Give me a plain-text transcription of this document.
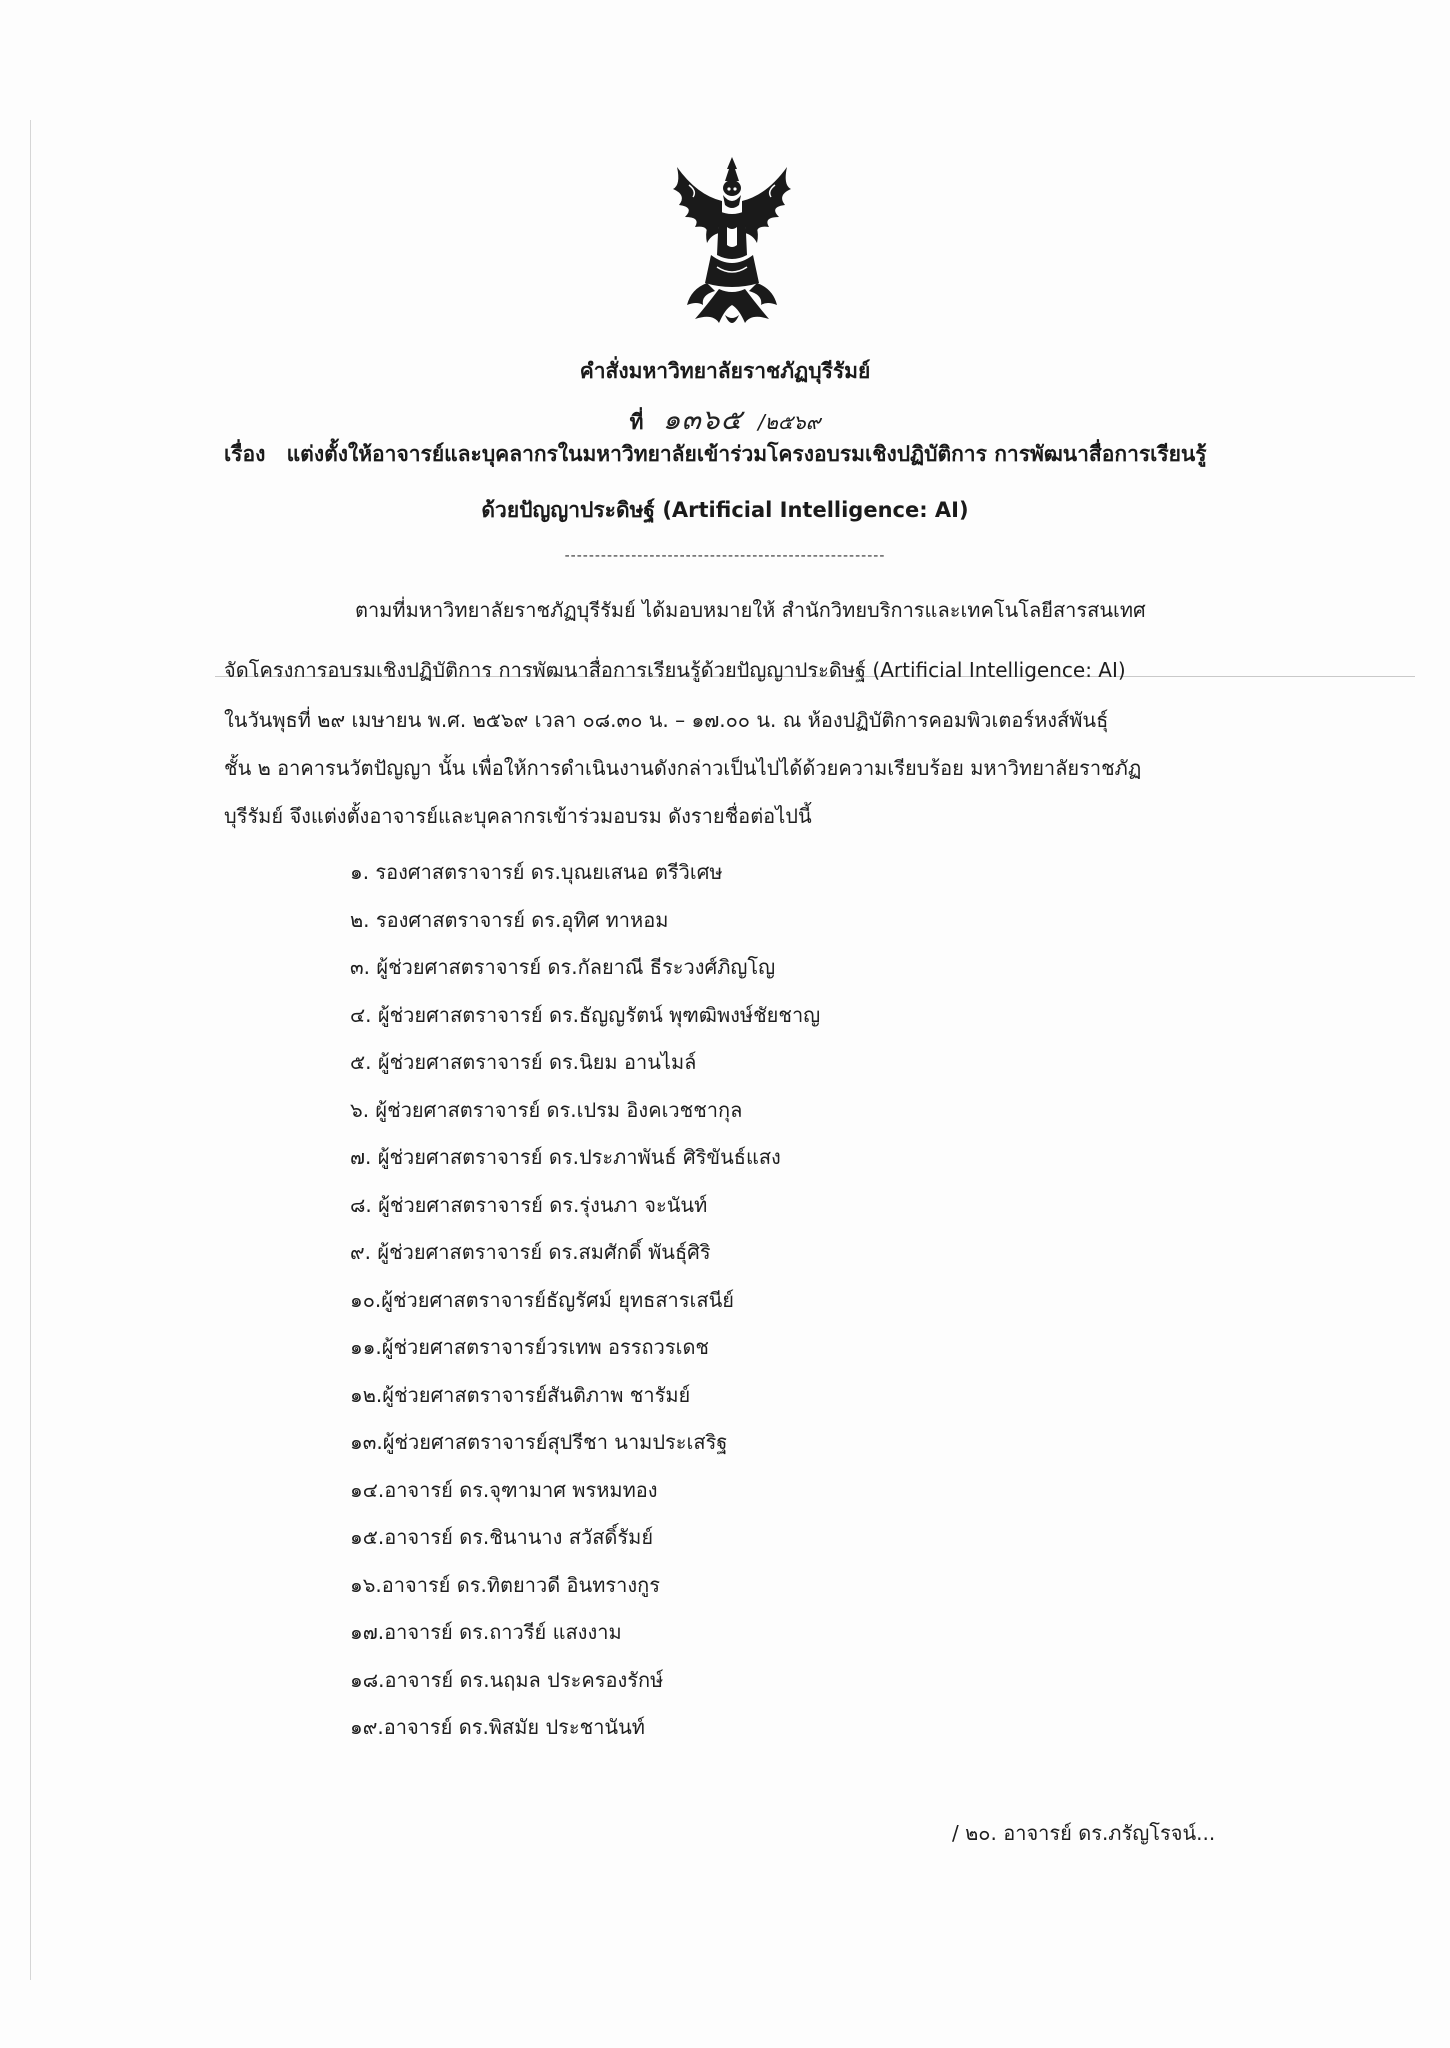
คำสั่งมหาวิทยาลัยราชภัฏบุรีรัมย์
ที่ ๑๓๖๕ /๒๕๖๙
เรื่อง แต่งตั้งให้อาจารย์และบุคลากรในมหาวิทยาลัยเข้าร่วมโครงอบรมเชิงปฏิบัติการ การพัฒนาสื่อการเรียนรู้
ด้วยปัญญาประดิษฐ์ (Artificial Intelligence: AI)
-----------------------------------------------------
ตามที่มหาวิทยาลัยราชภัฏบุรีรัมย์ ได้มอบหมายให้ สำนักวิทยบริการและเทคโนโลยีสารสนเทศ
จัดโครงการอบรมเชิงปฏิบัติการ การพัฒนาสื่อการเรียนรู้ด้วยปัญญาประดิษฐ์ (Artificial Intelligence: AI)
ในวันพุธที่ ๒๙ เมษายน พ.ศ. ๒๕๖๙ เวลา ๐๘.๓๐ น. – ๑๗.๐๐ น. ณ ห้องปฏิบัติการคอมพิวเตอร์หงส์พันธุ์
ชั้น ๒ อาคารนวัตปัญญา นั้น เพื่อให้การดำเนินงานดังกล่าวเป็นไปได้ด้วยความเรียบร้อย มหาวิทยาลัยราชภัฏ
บุรีรัมย์ จึงแต่งตั้งอาจารย์และบุคลากรเข้าร่วมอบรม ดังรายชื่อต่อไปนี้
๑. รองศาสตราจารย์ ดร.บุณยเสนอ ตรีวิเศษ
๒. รองศาสตราจารย์ ดร.อุทิศ ทาหอม
๓. ผู้ช่วยศาสตราจารย์ ดร.กัลยาณี ธีระวงศ์ภิญโญ
๔. ผู้ช่วยศาสตราจารย์ ดร.ธัญญรัตน์ พุฑฒิพงษ์ชัยชาญ
๕. ผู้ช่วยศาสตราจารย์ ดร.นิยม อานไมล์
๖. ผู้ช่วยศาสตราจารย์ ดร.เปรม อิงคเวชชากุล
๗. ผู้ช่วยศาสตราจารย์ ดร.ประภาพันธ์ ศิริขันธ์แสง
๘. ผู้ช่วยศาสตราจารย์ ดร.รุ่งนภา จะนันท์
๙. ผู้ช่วยศาสตราจารย์ ดร.สมศักดิ์ พันธุ์ศิริ
๑๐.ผู้ช่วยศาสตราจารย์ธัญรัศม์ ยุทธสารเสนีย์
๑๑.ผู้ช่วยศาสตราจารย์วรเทพ อรรถวรเดช
๑๒.ผู้ช่วยศาสตราจารย์สันติภาพ ชารัมย์
๑๓.ผู้ช่วยศาสตราจารย์สุปรีชา นามประเสริฐ
๑๔.อาจารย์ ดร.จุฑามาศ พรหมทอง
๑๕.อาจารย์ ดร.ชินานาง สวัสดิ์รัมย์
๑๖.อาจารย์ ดร.ทิตยาวดี อินทรางกูร
๑๗.อาจารย์ ดร.ถาวรีย์ แสงงาม
๑๘.อาจารย์ ดร.นฤมล ประครองรักษ์
๑๙.อาจารย์ ดร.พิสมัย ประชานันท์
/ ๒๐. อาจารย์ ดร.ภรัญโรจน์...
